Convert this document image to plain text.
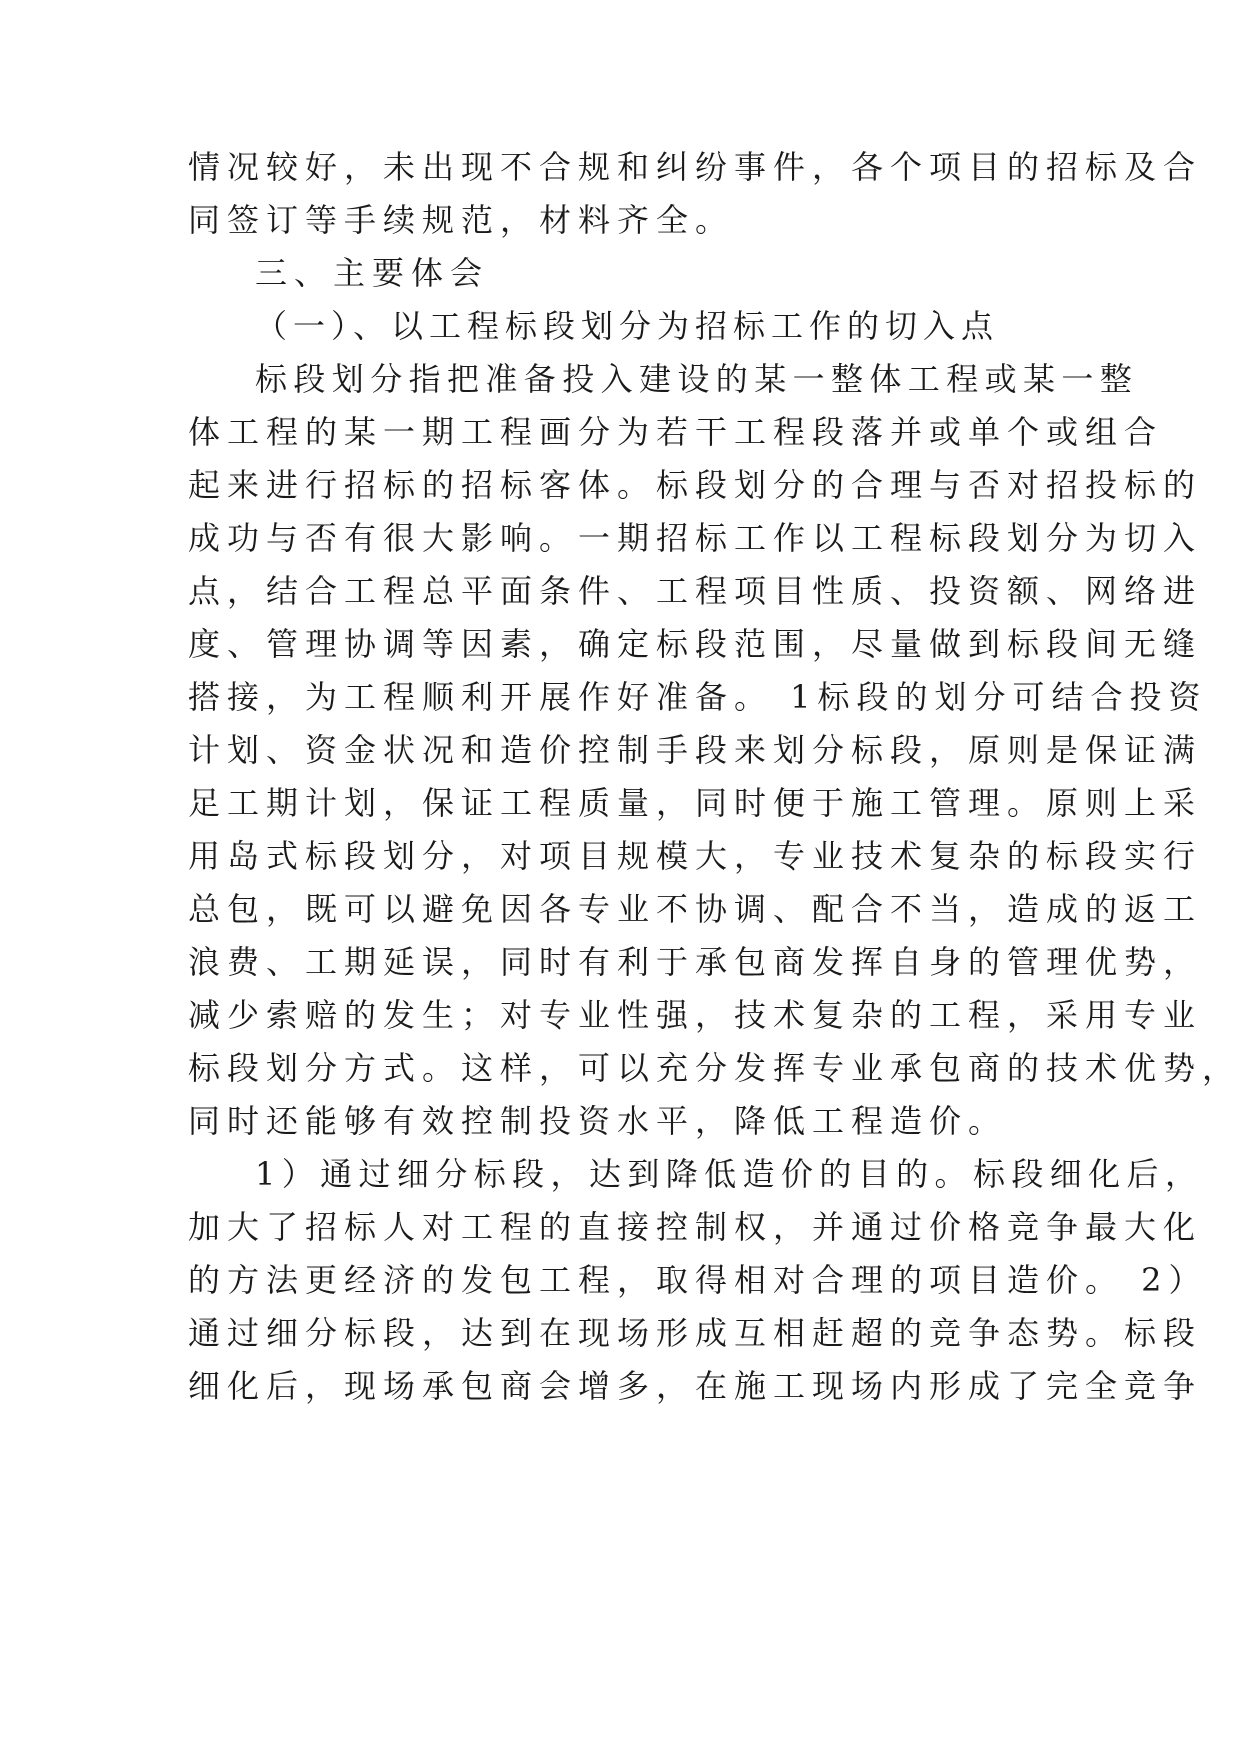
情况较好，未出现不合规和纠纷事件，各个项目的招标及合

同签订等手续规范，材料齐全。

三、主要体会

（一）、以工程标段划分为招标工作的切入点

标段划分指把准备投入建设的某一整体工程或某一整

体工程的某一期工程画分为若干工程段落并或单个或组合

起来进行招标的招标客体。标段划分的合理与否对招投标的

成功与否有很大影响。一期招标工作以工程标段划分为切入

点，结合工程总平面条件、工程项目性质、投资额、网络进

度、管理协调等因素，确定标段范围，尽量做到标段间无缝

搭接，为工程顺利开展作好准备。 1标段的划分可结合投资

计划、资金状况和造价控制手段来划分标段，原则是保证满

足工期计划，保证工程质量，同时便于施工管理。原则上采

用岛式标段划分，对项目规模大，专业技术复杂的标段实行

总包，既可以避免因各专业不协调、配合不当，造成的返工

浪费、工期延误，同时有利于承包商发挥自身的管理优势，

减少索赔的发生；对专业性强，技术复杂的工程，采用专业

标段划分方式。这样，可以充分发挥专业承包商的技术优势，

同时还能够有效控制投资水平，降低工程造价。

1）通过细分标段，达到降低造价的目的。标段细化后，

加大了招标人对工程的直接控制权，并通过价格竞争最大化

的方法更经济的发包工程，取得相对合理的项目造价。 2）

通过细分标段，达到在现场形成互相赶超的竞争态势。标段

细化后，现场承包商会增多，在施工现场内形成了完全竞争
